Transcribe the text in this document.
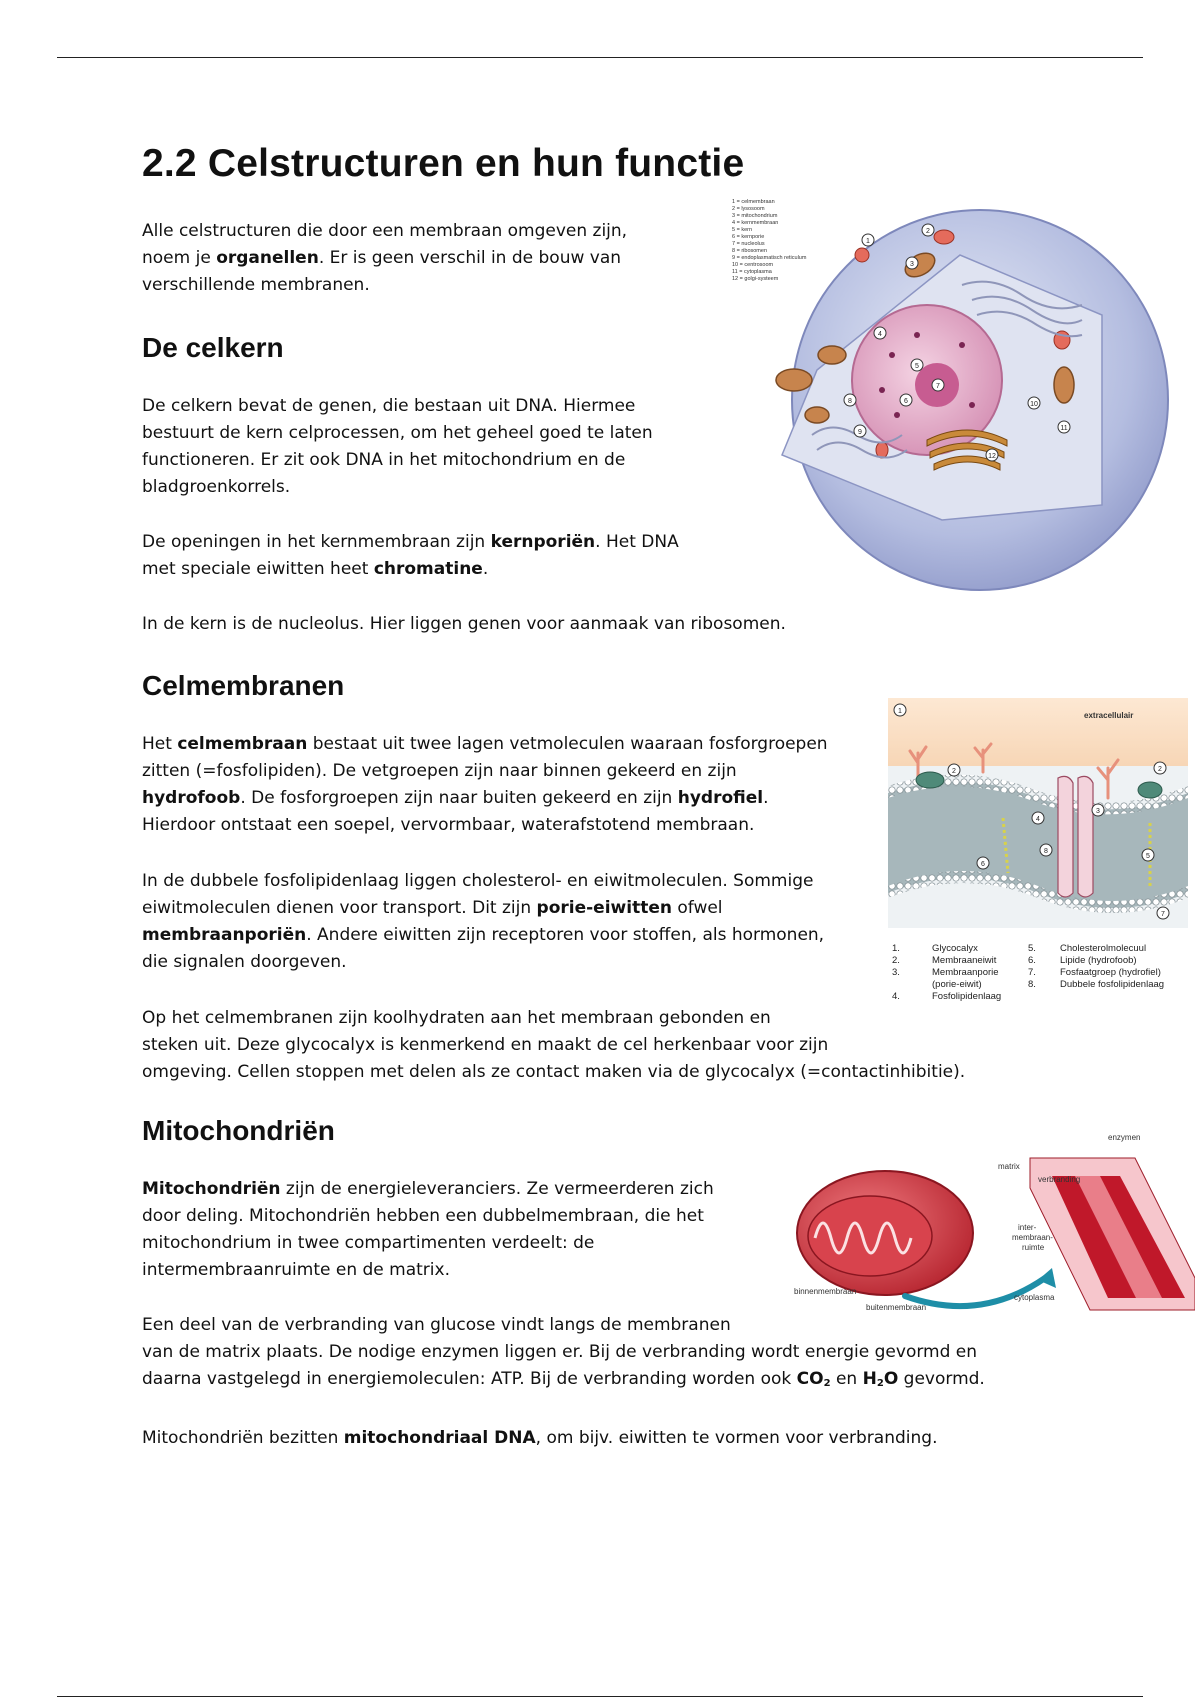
2.2 Celstructuren en hun functie

Alle celstructuren die door een membraan omgeven zijn,
noem je organellen. Er is geen verschil in de bouw van
verschillende membranen.

De celkern

De celkern bevat de genen, die bestaan uit DNA. Hiermee
bestuurt de kern celprocessen, om het geheel goed te laten
functioneren. Er zit ook DNA in het mitochondrium en de
bladgroenkorrels.

De openingen in het kernmembraan zijn kernporiën. Het DNA
met speciale eiwitten heet chromatine.

In de kern is de nucleolus. Hier liggen genen voor aanmaak van ribosomen.

1 = celmembraan
2 = lysosoom
3 = mitochondrium
4 = kernmembraan
5 = kern
6 = kernporie
7 = nucleolus
8 = ribosomen
9 = endoplasmatisch reticulum
10 = centrosoom
11 = cytoplasma
12 = golgi-systeem
1
2
3
4
5
6
7
8
9
10
11
12
Celmembranen

Het celmembraan bestaat uit twee lagen vetmoleculen waaraan fosforgroepen
zitten (=fosfolipiden). De vetgroepen zijn naar binnen gekeerd en zijn
hydrofoob. De fosforgroepen zijn naar buiten gekeerd en zijn hydrofiel.
Hierdoor ontstaat een soepel, vervormbaar, waterafstotend membraan.

In de dubbele fosfolipidenlaag liggen cholesterol- en eiwitmoleculen. Sommige
eiwitmoleculen dienen voor transport. Dit zijn porie-eiwitten ofwel
membraanporiën. Andere eiwitten zijn receptoren voor stoffen, als hormonen,
die signalen doorgeven.

Op het celmembranen zijn koolhydraten aan het membraan gebonden en
steken uit. Deze glycocalyx is kenmerkend en maakt de cel herkenbaar voor zijn
omgeving. Cellen stoppen met delen als ze contact maken via de glycocalyx (=contactinhibitie).

extracellulair
1
2	2
3
4
5
6
7
8
1.	Glycocalyx
2.	Membraaneiwit
3.	Membraanporie
(porie-eiwit)
4.	Fosfolipidenlaag
5.	Cholesterolmolecuul
6.	Lipide (hydrofoob)
7.	Fosfaatgroep (hydrofiel)
8.	Dubbele fosfolipidenlaag
Mitochondriën

Mitochondriën zijn de energieleveranciers. Ze vermeerderen zich
door deling. Mitochondriën hebben een dubbelmembraan, die het
mitochondrium in twee compartimenten verdeelt: de
intermembraanruimte en de matrix.

Een deel van de verbranding van glucose vindt langs de membranen
van de matrix plaats. De nodige enzymen liggen er. Bij de verbranding wordt energie gevormd en
daarna vastgelegd in energiemoleculen: ATP. Bij de verbranding worden ook $CO_2$ en $H_2O$ gevormd.

Mitochondriën bezitten mitochondriaal DNA, om bijv. eiwitten te vormen voor verbranding.

enzymen
matrix
verbranding
inter-
membraan-
ruimte
binnenmembraan
buitenmembraan
cytoplasma
